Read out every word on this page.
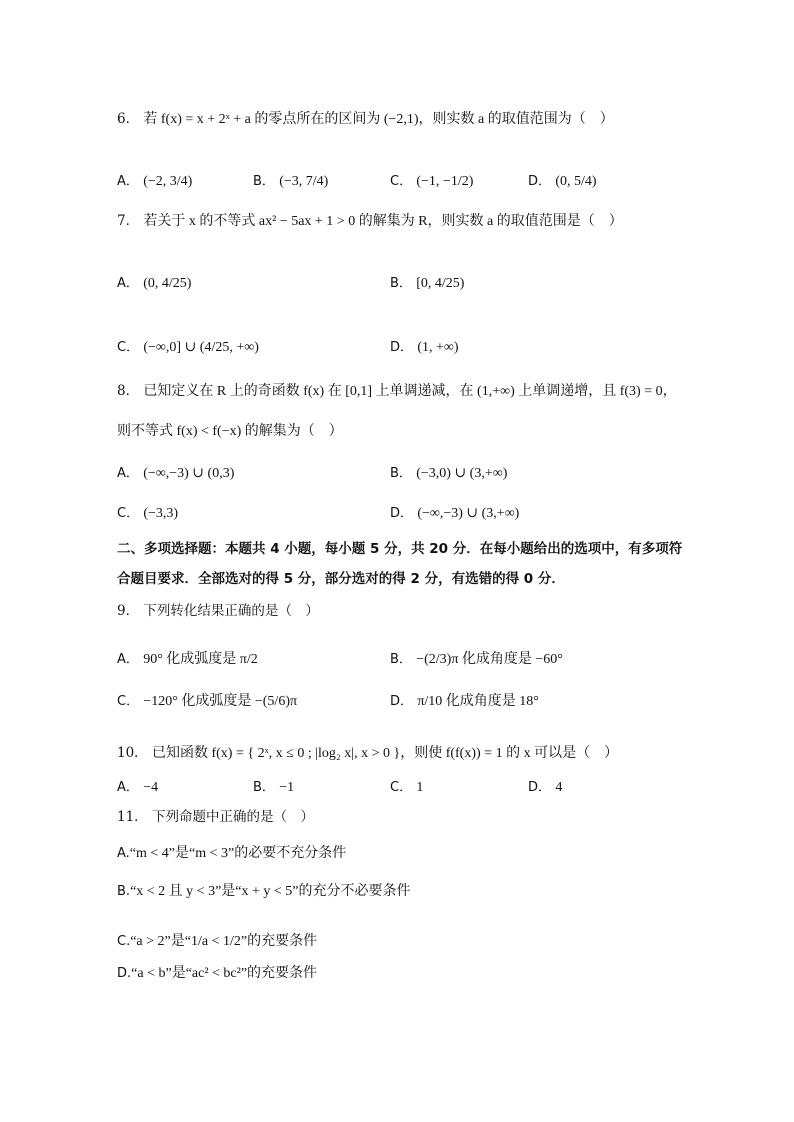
6． 若 f(x) = x + 2ˣ + a 的零点所在的区间为 (−2,1)，则实数 a 的取值范围为（　）
A． (−2, 3/4)	B． (−3, 7/4)	C． (−1, −1/2)	D． (0, 5/4)
7． 若关于 x 的不等式 ax² − 5ax + 1 > 0 的解集为 R，则实数 a 的取值范围是（　）
A． (0, 4/25)	B． [0, 4/25)
C． (−∞,0] ∪ (4/25, +∞)	D． (1, +∞)
8． 已知定义在 R 上的奇函数 f(x) 在 [0,1] 上单调递减，在 (1,+∞) 上单调递增，且 f(3) = 0，
则不等式 f(x) < f(−x) 的解集为（　）
A． (−∞,−3) ∪ (0,3)	B． (−3,0) ∪ (3,+∞)
C． (−3,3)	D． (−∞,−3) ∪ (3,+∞)
二、多项选择题：本题共 4 小题，每小题 5 分，共 20 分．在每小题给出的选项中，有多项符
合题目要求．全部选对的得 5 分，部分选对的得 2 分，有选错的得 0 分．
9． 下列转化结果正确的是（　）
A． 90° 化成弧度是 π/2	B． −(2/3)π 化成角度是 −60°
C． −120° 化成弧度是 −(5/6)π	D． π/10 化成角度是 18°
10． 已知函数 f(x) = { 2ˣ, x ≤ 0 ; |log₂ x|, x > 0 }，则使 f(f(x)) = 1 的 x 可以是（　）
A． −4	B． −1	C． 1	D． 4
11． 下列命题中正确的是（　）
A.“m < 4”是“m < 3”的必要不充分条件
B.“x < 2 且 y < 3”是“x + y < 5”的充分不必要条件
C.“a > 2”是“1/a < 1/2”的充要条件
D.“a < b”是“ac² < bc²”的充要条件
